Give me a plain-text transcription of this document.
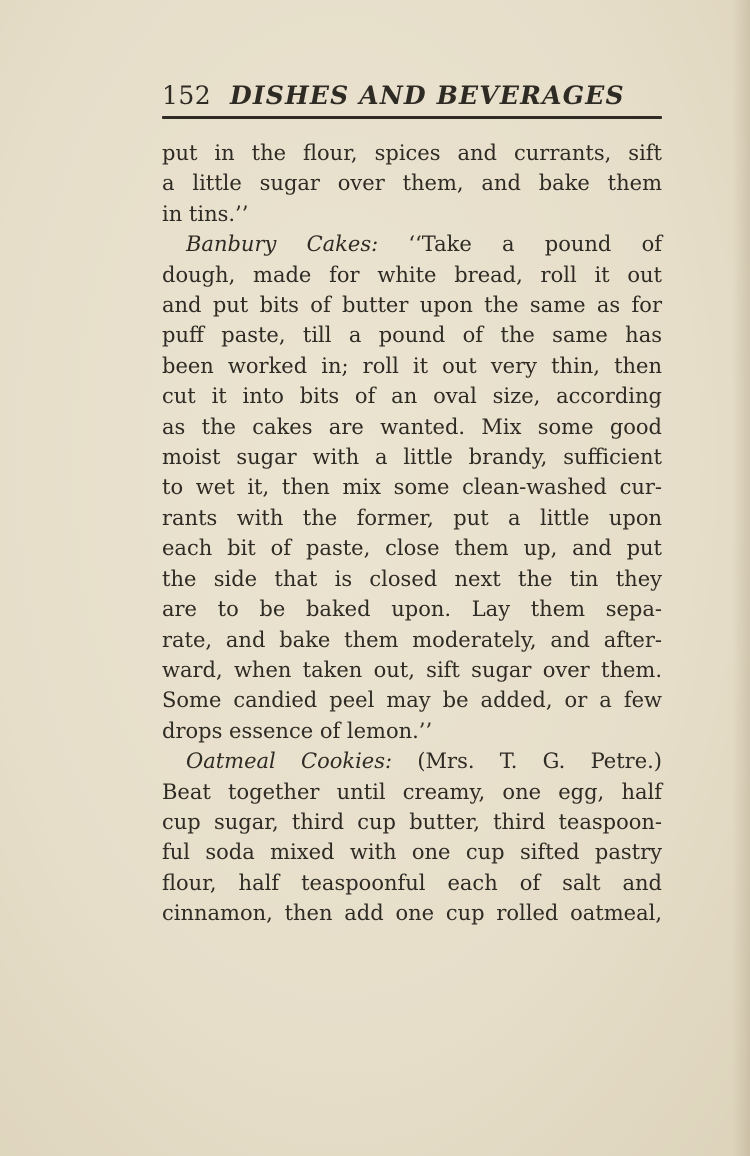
152 DISHES AND BEVERAGES
put in the flour, spices and currants, sift
a little sugar over them, and bake them
in tins.’’
Banbury Cakes: ‘‘Take a pound of
dough, made for white bread, roll it out
and put bits of butter upon the same as for
puff paste, till a pound of the same has
been worked in; roll it out very thin, then
cut it into bits of an oval size, according
as the cakes are wanted. Mix some good
moist sugar with a little brandy, sufficient
to wet it, then mix some clean-washed cur-
rants with the former, put a little upon
each bit of paste, close them up, and put
the side that is closed next the tin they
are to be baked upon. Lay them sepa-
rate, and bake them moderately, and after-
ward, when taken out, sift sugar over them.
Some candied peel may be added, or a few
drops essence of lemon.’’
Oatmeal Cookies: (Mrs. T. G. Petre.)
Beat together until creamy, one egg, half
cup sugar, third cup butter, third teaspoon-
ful soda mixed with one cup sifted pastry
flour, half teaspoonful each of salt and
cinnamon, then add one cup rolled oatmeal,
